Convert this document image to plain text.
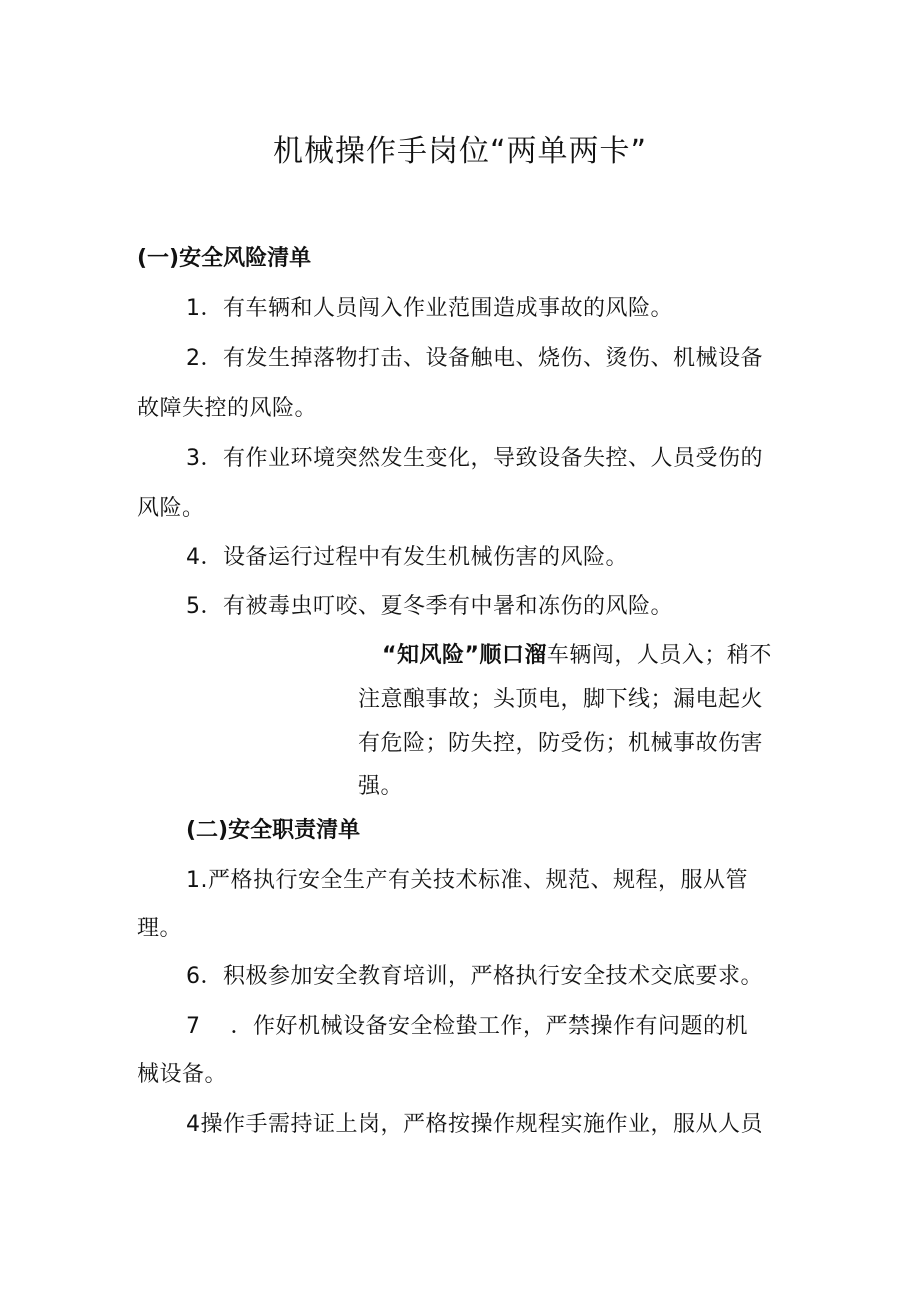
机械操作手岗位“两单两卡”
(一)安全风险清单
1．有车辆和人员闯入作业范围造成事故的风险。
2．有发生掉落物打击、设备触电、烧伤、烫伤、机械设备
故障失控的风险。
3．有作业环境突然发生变化，导致设备失控、人员受伤的
风险。
4．设备运行过程中有发生机械伤害的风险。
5．有被毒虫叮咬、夏冬季有中暑和冻伤的风险。
“知风险”顺口溜车辆闯，人员入；稍不
注意酿事故；头顶电，脚下线；漏电起火
有危险；防失控，防受伤；机械事故伤害
强。
(二)安全职责清单
1.严格执行安全生产有关技术标准、规范、规程，服从管
理。
6．积极参加安全教育培训，严格执行安全技术交底要求。
7 ．作好机械设备安全检蛰工作，严禁操作有问题的机
械设备。
4操作手需持证上岗，严格按操作规程实施作业，服从人员
